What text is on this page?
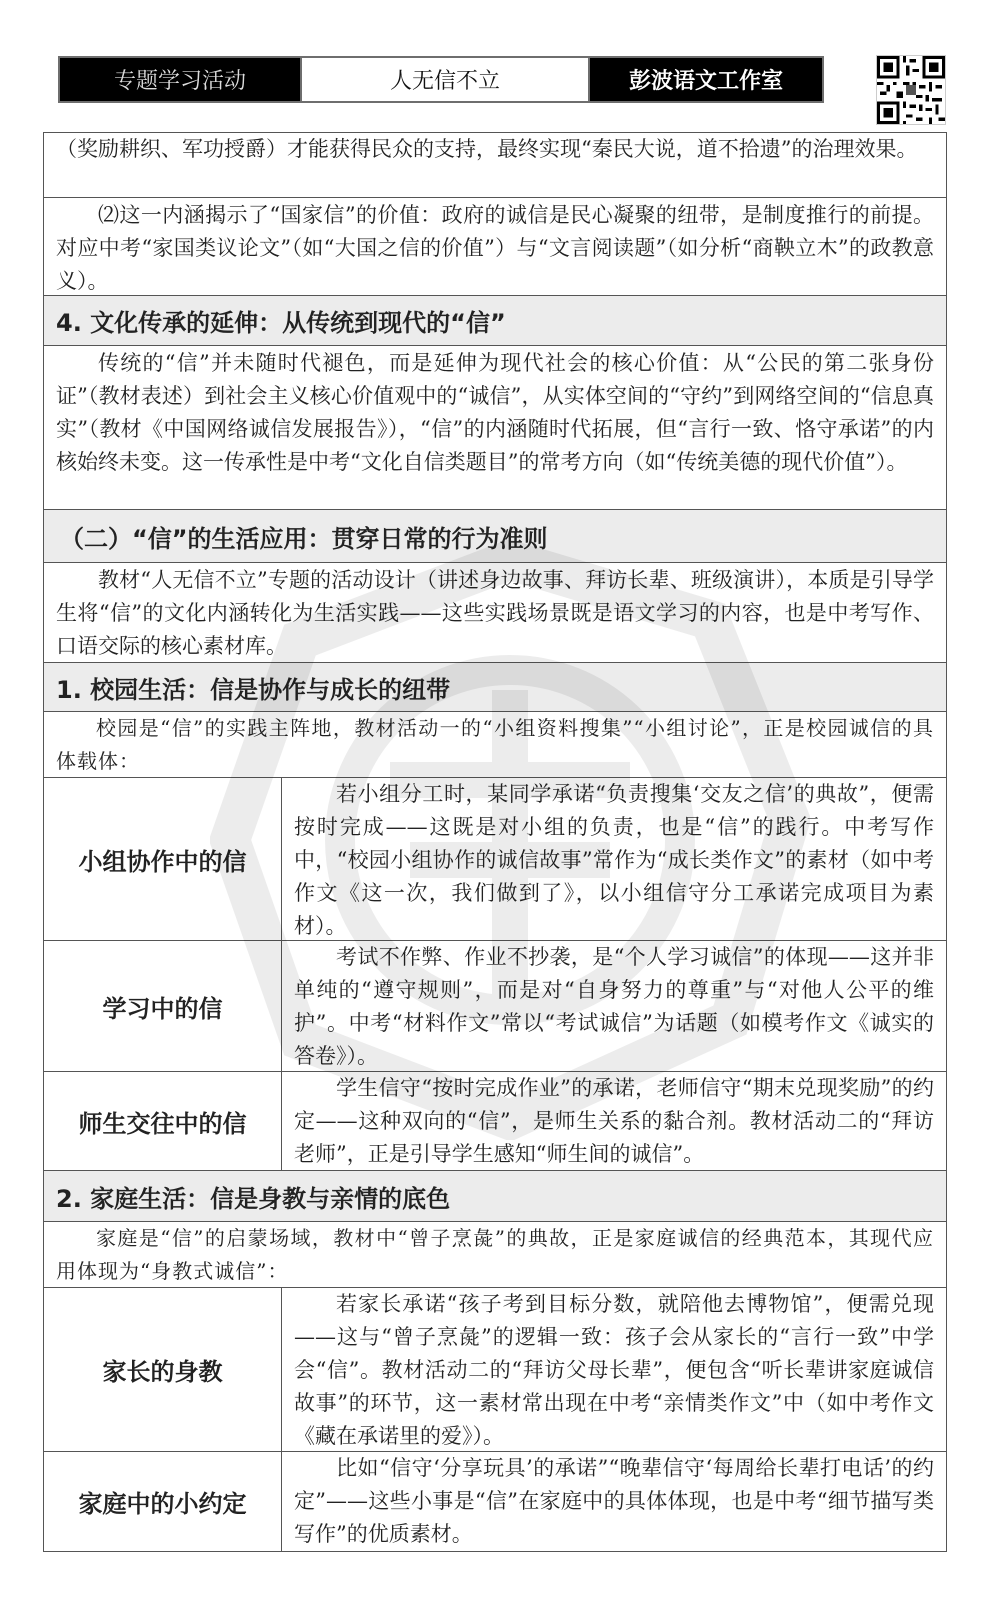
专题学习活动	人无信不立	彭波语文工作室
（奖励耕织、军功授爵）才能获得民众的支持，最终实现“秦民大说，道不拾遗”的治理效果。
⑵这一内涵揭示了“国家信”的价值：政府的诚信是民心凝聚的纽带，是制度推行的前提。对应中考“家国类议论文”（如“大国之信的价值”）与“文言阅读题”（如分析“商鞅立木”的政教意义）。
4. 文化传承的延伸：从传统到现代的“信”
传统的“信”并未随时代褪色，而是延伸为现代社会的核心价值：从“公民的第二张身份证”（教材表述）到社会主义核心价值观中的“诚信”，从实体空间的“守约”到网络空间的“信息真实”（教材《中国网络诚信发展报告》），“信”的内涵随时代拓展，但“言行一致、恪守承诺”的内核始终未变。这一传承性是中考“文化自信类题目”的常考方向（如“传统美德的现代价值”）。
（二）“信”的生活应用：贯穿日常的行为准则
教材“人无信不立”专题的活动设计（讲述身边故事、拜访长辈、班级演讲），本质是引导学生将“信”的文化内涵转化为生活实践——这些实践场景既是语文学习的内容，也是中考写作、口语交际的核心素材库。
1. 校园生活：信是协作与成长的纽带
校园是“信”的实践主阵地，教材活动一的“小组资料搜集”“小组讨论”，正是校园诚信的具体载体：
小组协作中的信
若小组分工时，某同学承诺“负责搜集‘交友之信’的典故”，便需按时完成——这既是对小组的负责，也是“信”的践行。中考写作中，“校园小组协作的诚信故事”常作为“成长类作文”的素材（如中考作文《这一次，我们做到了》，以小组信守分工承诺完成项目为素材）。
学习中的信
考试不作弊、作业不抄袭，是“个人学习诚信”的体现——这并非单纯的“遵守规则”，而是对“自身努力的尊重”与“对他人公平的维护”。中考“材料作文”常以“考试诚信”为话题（如模考作文《诚实的答卷》）。
师生交往中的信
学生信守“按时完成作业”的承诺，老师信守“期末兑现奖励”的约定——这种双向的“信”，是师生关系的黏合剂。教材活动二的“拜访老师”，正是引导学生感知“师生间的诚信”。
2. 家庭生活：信是身教与亲情的底色
家庭是“信”的启蒙场域，教材中“曾子烹彘”的典故，正是家庭诚信的经典范本，其现代应用体现为“身教式诚信”：
家长的身教
若家长承诺“孩子考到目标分数，就陪他去博物馆”，便需兑现——这与“曾子烹彘”的逻辑一致：孩子会从家长的“言行一致”中学会“信”。教材活动二的“拜访父母长辈”，便包含“听长辈讲家庭诚信故事”的环节，这一素材常出现在中考“亲情类作文”中（如中考作文《藏在承诺里的爱》）。
家庭中的小约定
比如“信守‘分享玩具’的承诺”“晚辈信守‘每周给长辈打电话’的约定”——这些小事是“信”在家庭中的具体体现，也是中考“细节描写类写作”的优质素材。
